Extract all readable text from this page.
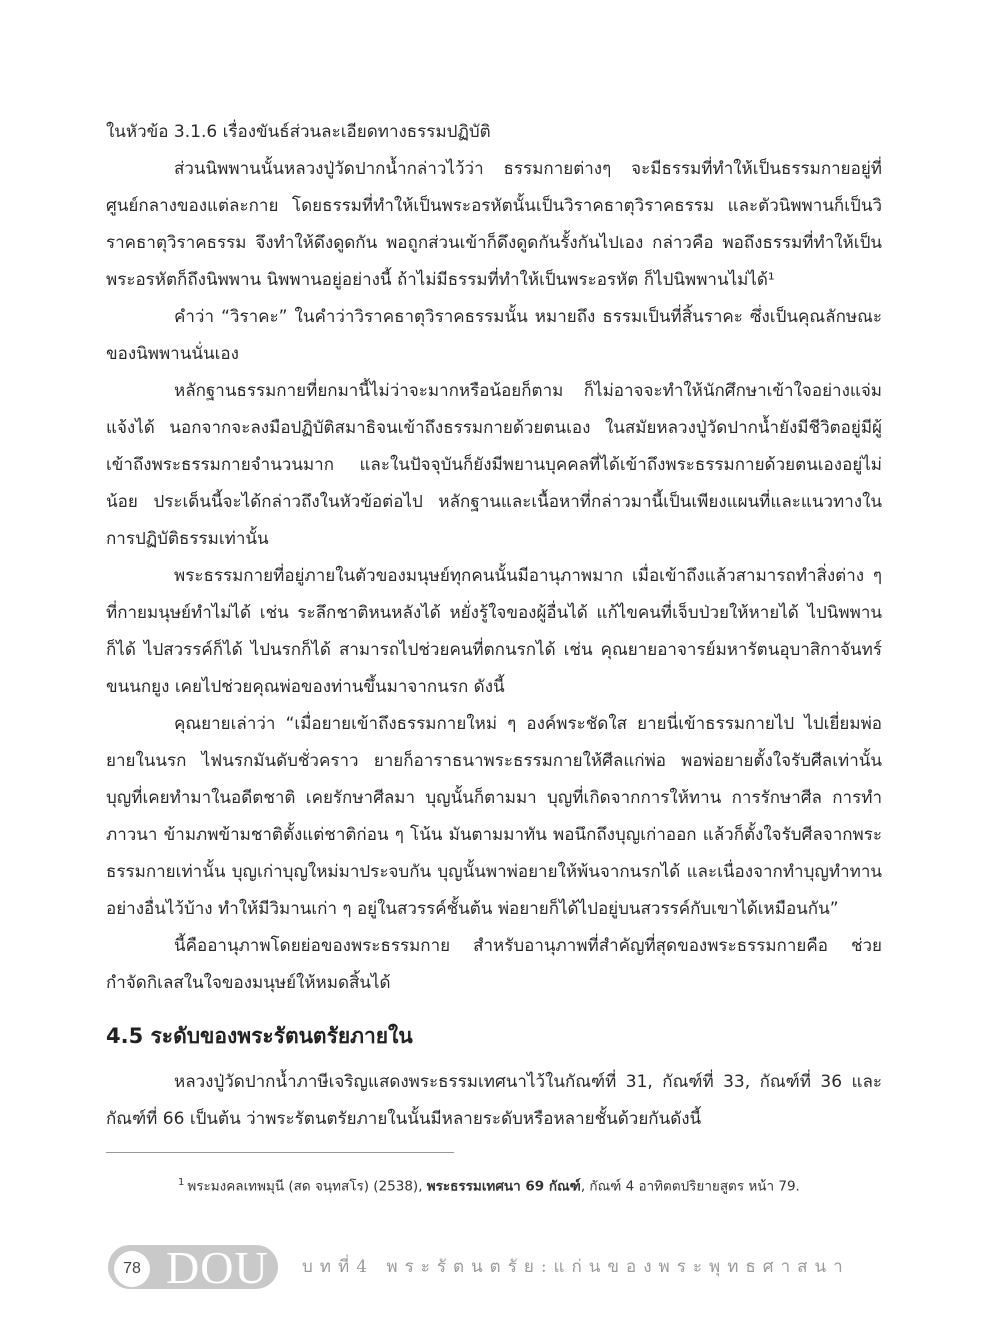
ในหัวข้อ 3.1.6 เรื่องขันธ์ส่วนละเอียดทางธรรมปฏิบัติ

ส่วนนิพพานนั้นหลวงปู่วัดปากน้ำกล่าวไว้ว่า ธรรมกายต่างๆ จะมีธรรมที่ทำให้เป็นธรรมกายอยู่ที่ศูนย์กลางของแต่ละกาย โดยธรรมที่ทำให้เป็นพระอรหัตนั้นเป็นวิราคธาตุวิราคธรรม และตัวนิพพานก็เป็นวิราคธาตุวิราคธรรม จึงทำให้ดึงดูดกัน พอถูกส่วนเข้าก็ดึงดูดกันรั้งกันไปเอง กล่าวคือ พอถึงธรรมที่ทำให้เป็นพระอรหัตก็ถึงนิพพาน นิพพานอยู่อย่างนี้ ถ้าไม่มีธรรมที่ทำให้เป็นพระอรหัต ก็ไปนิพพานไม่ได้¹

คำว่า “วิราคะ” ในคำว่าวิราคธาตุวิราคธรรมนั้น หมายถึง ธรรมเป็นที่สิ้นราคะ ซึ่งเป็นคุณลักษณะของนิพพานนั่นเอง

หลักฐานธรรมกายที่ยกมานี้ไม่ว่าจะมากหรือน้อยก็ตาม ก็ไม่อาจจะทำให้นักศึกษาเข้าใจอย่างแจ่มแจ้งได้ นอกจากจะลงมือปฏิบัติสมาธิจนเข้าถึงธรรมกายด้วยตนเอง ในสมัยหลวงปู่วัดปากน้ำยังมีชีวิตอยู่มีผู้เข้าถึงพระธรรมกายจำนวนมาก และในปัจจุบันก็ยังมีพยานบุคคลที่ได้เข้าถึงพระธรรมกายด้วยตนเองอยู่ไม่น้อย ประเด็นนี้จะได้กล่าวถึงในหัวข้อต่อไป หลักฐานและเนื้อหาที่กล่าวมานี้เป็นเพียงแผนที่และแนวทางในการปฏิบัติธรรมเท่านั้น

พระธรรมกายที่อยู่ภายในตัวของมนุษย์ทุกคนนั้นมีอานุภาพมาก เมื่อเข้าถึงแล้วสามารถทำสิ่งต่าง ๆ ที่กายมนุษย์ทำไม่ได้ เช่น ระลึกชาติหนหลังได้ หยั่งรู้ใจของผู้อื่นได้ แก้ไขคนที่เจ็บป่วยให้หายได้ ไปนิพพานก็ได้ ไปสวรรค์ก็ได้ ไปนรกก็ได้ สามารถไปช่วยคนที่ตกนรกได้ เช่น คุณยายอาจารย์มหารัตนอุบาสิกาจันทร์ ขนนกยูง เคยไปช่วยคุณพ่อของท่านขึ้นมาจากนรก ดังนี้

คุณยายเล่าว่า “เมื่อยายเข้าถึงธรรมกายใหม่ ๆ องค์พระชัดใส ยายนี่เข้าธรรมกายไป ไปเยี่ยมพ่อยายในนรก ไฟนรกมันดับชั่วคราว ยายก็อาราธนาพระธรรมกายให้ศีลแก่พ่อ พอพ่อยายตั้งใจรับศีลเท่านั้น บุญที่เคยทำมาในอดีตชาติ เคยรักษาศีลมา บุญนั้นก็ตามมา บุญที่เกิดจากการให้ทาน การรักษาศีล การทำภาวนา ข้ามภพข้ามชาติตั้งแต่ชาติก่อน ๆ โน้น มันตามมาทัน พอนึกถึงบุญเก่าออก แล้วก็ตั้งใจรับศีลจากพระธรรมกายเท่านั้น บุญเก่าบุญใหม่มาประจบกัน บุญนั้นพาพ่อยายให้พ้นจากนรกได้ และเนื่องจากทำบุญทำทานอย่างอื่นไว้บ้าง ทำให้มีวิมานเก่า ๆ อยู่ในสวรรค์ชั้นต้น พ่อยายก็ได้ไปอยู่บนสวรรค์กับเขาได้เหมือนกัน”

นี้คืออานุภาพโดยย่อของพระธรรมกาย สำหรับอานุภาพที่สำคัญที่สุดของพระธรรมกายคือ ช่วยกำจัดกิเลสในใจของมนุษย์ให้หมดสิ้นได้

4.5 ระดับของพระรัตนตรัยภายใน

หลวงปู่วัดปากน้ำภาษีเจริญแสดงพระธรรมเทศนาไว้ในกัณฑ์ที่ 31, กัณฑ์ที่ 33, กัณฑ์ที่ 36 และกัณฑ์ที่ 66 เป็นต้น ว่าพระรัตนตรัยภายในนั้นมีหลายระดับหรือหลายชั้นด้วยกันดังนี้

$^1$ พระมงคลเทพมุนี (สด จนฺทสโร) (2538), พระธรรมเทศนา 69 กัณฑ์, กัณฑ์ 4 อาทิตตปริยายสูตร หน้า 79.
78 DOU บทที่4 พระรัตนตรัย:แก่นของพระพุทธศาสนา
